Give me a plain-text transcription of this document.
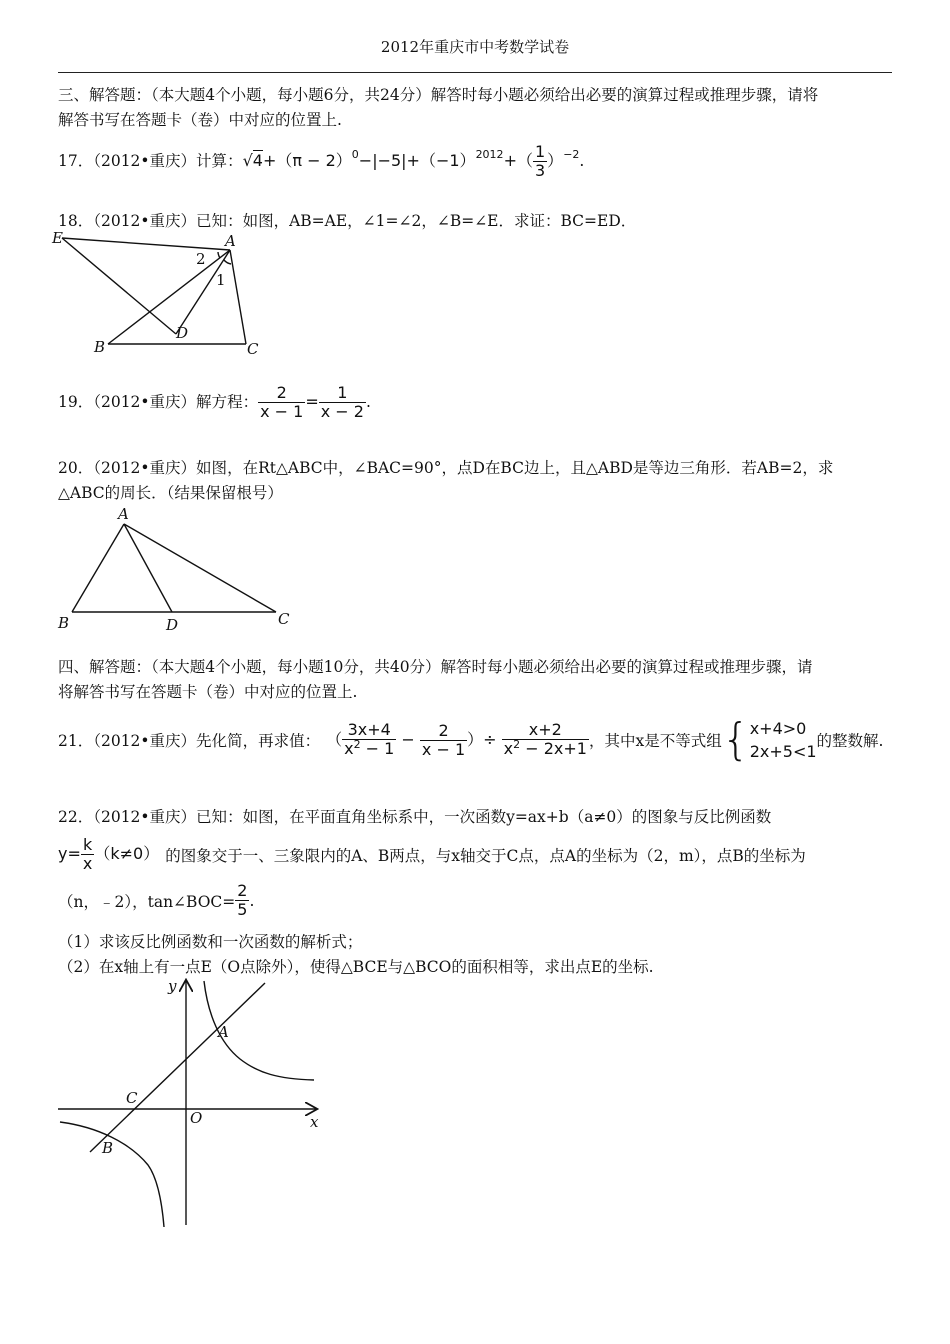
2012年重庆市中考数学试卷
三、解答题：（本大题4个小题，每小题6分，共24分）解答时每小题必须给出必要的演算过程或推理步骤，请将
解答书写在答题卡（卷）中对应的位置上.
17．（2012•重庆）计算：$√4+(\pi - 2)^0-|-5|+(-1)^{2012}+( \frac{1}{3} )^{-2}$.
18．（2012•重庆）已知：如图，AB=AE，∠1=∠2，∠B=∠E．求证：BC=ED．
E	A
2
1
D
B	C
19．（2012•重庆）解方程： $\frac{2}{x - 1} = \frac{1}{x - 2}$ .
20．（2012•重庆）如图，在Rt△ABC中，∠BAC=90°，点D在BC边上，且△ABD是等边三角形．若AB=2，求
△ABC的周长．（结果保留根号）
A
B	D	C
四、解答题：（本大题4个小题，每小题10分，共40分）解答时每小题必须给出必要的演算过程或推理步骤，请
将解答书写在答题卡（卷）中对应的位置上.
21．（2012•重庆）先化简，再求值： （ $\frac{3x+4}{x^2 - 1} - \frac{2}{x - 1}$ ）÷ $\frac{x+2}{x^2 - 2x+1}$ ，其中x是不等式组 { x+4>0
2x+5<1
的整数解.
22．（2012•重庆）已知：如图，在平面直角坐标系中，一次函数y=ax+b（a≠0）的图象与反比例函数
$y= \frac{k}{x} (k\ne 0)$ 的图象交于一、三象限内的A、B两点，与x轴交于C点，点A的坐标为（2，m），点B的坐标为
（n，﹣2），tan∠BOC= $\frac{2}{5}$ .
（1）求该反比例函数和一次函数的解析式；
（2）在x轴上有一点E（O点除外），使得△BCE与△BCO的面积相等，求出点E的坐标.
y
x
A
C
O
B
